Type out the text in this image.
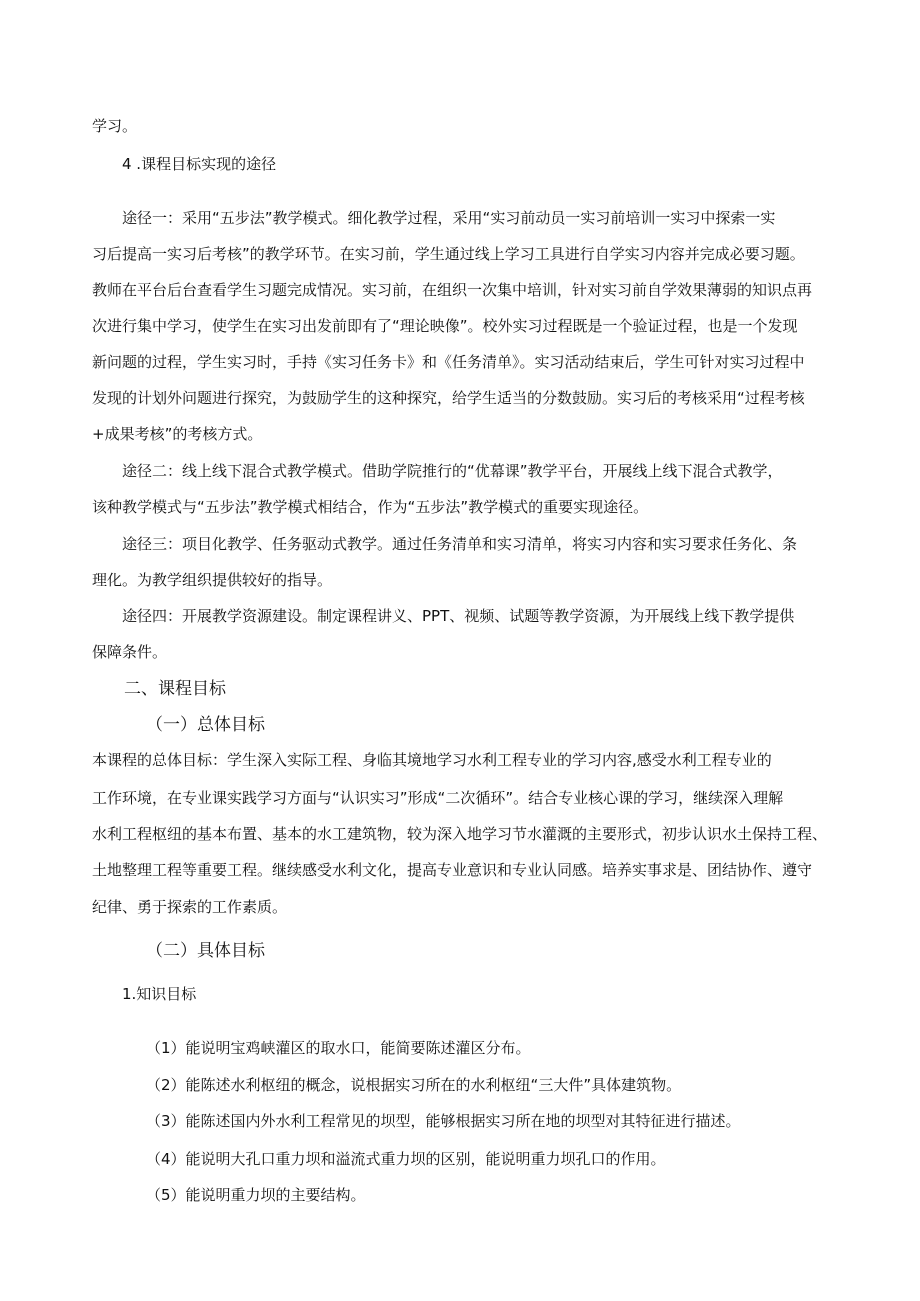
学习。
4 .课程目标实现的途径
途径一：采用“五步法”教学模式。细化教学过程，采用“实习前动员一实习前培训一实习中探索一实
习后提高一实习后考核”的教学环节。在实习前，学生通过线上学习工具进行自学实习内容并完成必要习题。
教师在平台后台查看学生习题完成情况。实习前，在组织一次集中培训，针对实习前自学效果薄弱的知识点再
次进行集中学习，使学生在实习出发前即有了“理论映像”。校外实习过程既是一个验证过程，也是一个发现
新问题的过程，学生实习时，手持《实习任务卡》和《任务清单》。实习活动结束后，学生可针对实习过程中
发现的计划外问题进行探究，为鼓励学生的这种探究，给学生适当的分数鼓励。实习后的考核采用“过程考核
+成果考核”的考核方式。
途径二：线上线下混合式教学模式。借助学院推行的“优幕课”教学平台，开展线上线下混合式教学，
该种教学模式与“五步法”教学模式相结合，作为“五步法”教学模式的重要实现途径。
途径三：项目化教学、任务驱动式教学。通过任务清单和实习清单，将实习内容和实习要求任务化、条
理化。为教学组织提供较好的指导。
途径四：开展教学资源建设。制定课程讲义、PPT、视频、试题等教学资源，为开展线上线下教学提供
保障条件。
二、课程目标
（一）总体目标
本课程的总体目标：学生深入实际工程、身临其境地学习水利工程专业的学习内容,感受水利工程专业的
工作环境，在专业课实践学习方面与“认识实习”形成“二次循环”。结合专业核心课的学习，继续深入理解
水利工程枢纽的基本布置、基本的水工建筑物，较为深入地学习节水灌溉的主要形式，初步认识水土保持工程、
土地整理工程等重要工程。继续感受水利文化，提高专业意识和专业认同感。培养实事求是、团结协作、遵守
纪律、勇于探索的工作素质。
（二）具体目标
1.知识目标
（1）能说明宝鸡峡灌区的取水口，能简要陈述灌区分布。
（2）能陈述水利枢纽的概念，说根据实习所在的水利枢纽“三大件”具体建筑物。
（3）能陈述国内外水利工程常见的坝型，能够根据实习所在地的坝型对其特征进行描述。
（4）能说明大孔口重力坝和溢流式重力坝的区别，能说明重力坝孔口的作用。
（5）能说明重力坝的主要结构。
